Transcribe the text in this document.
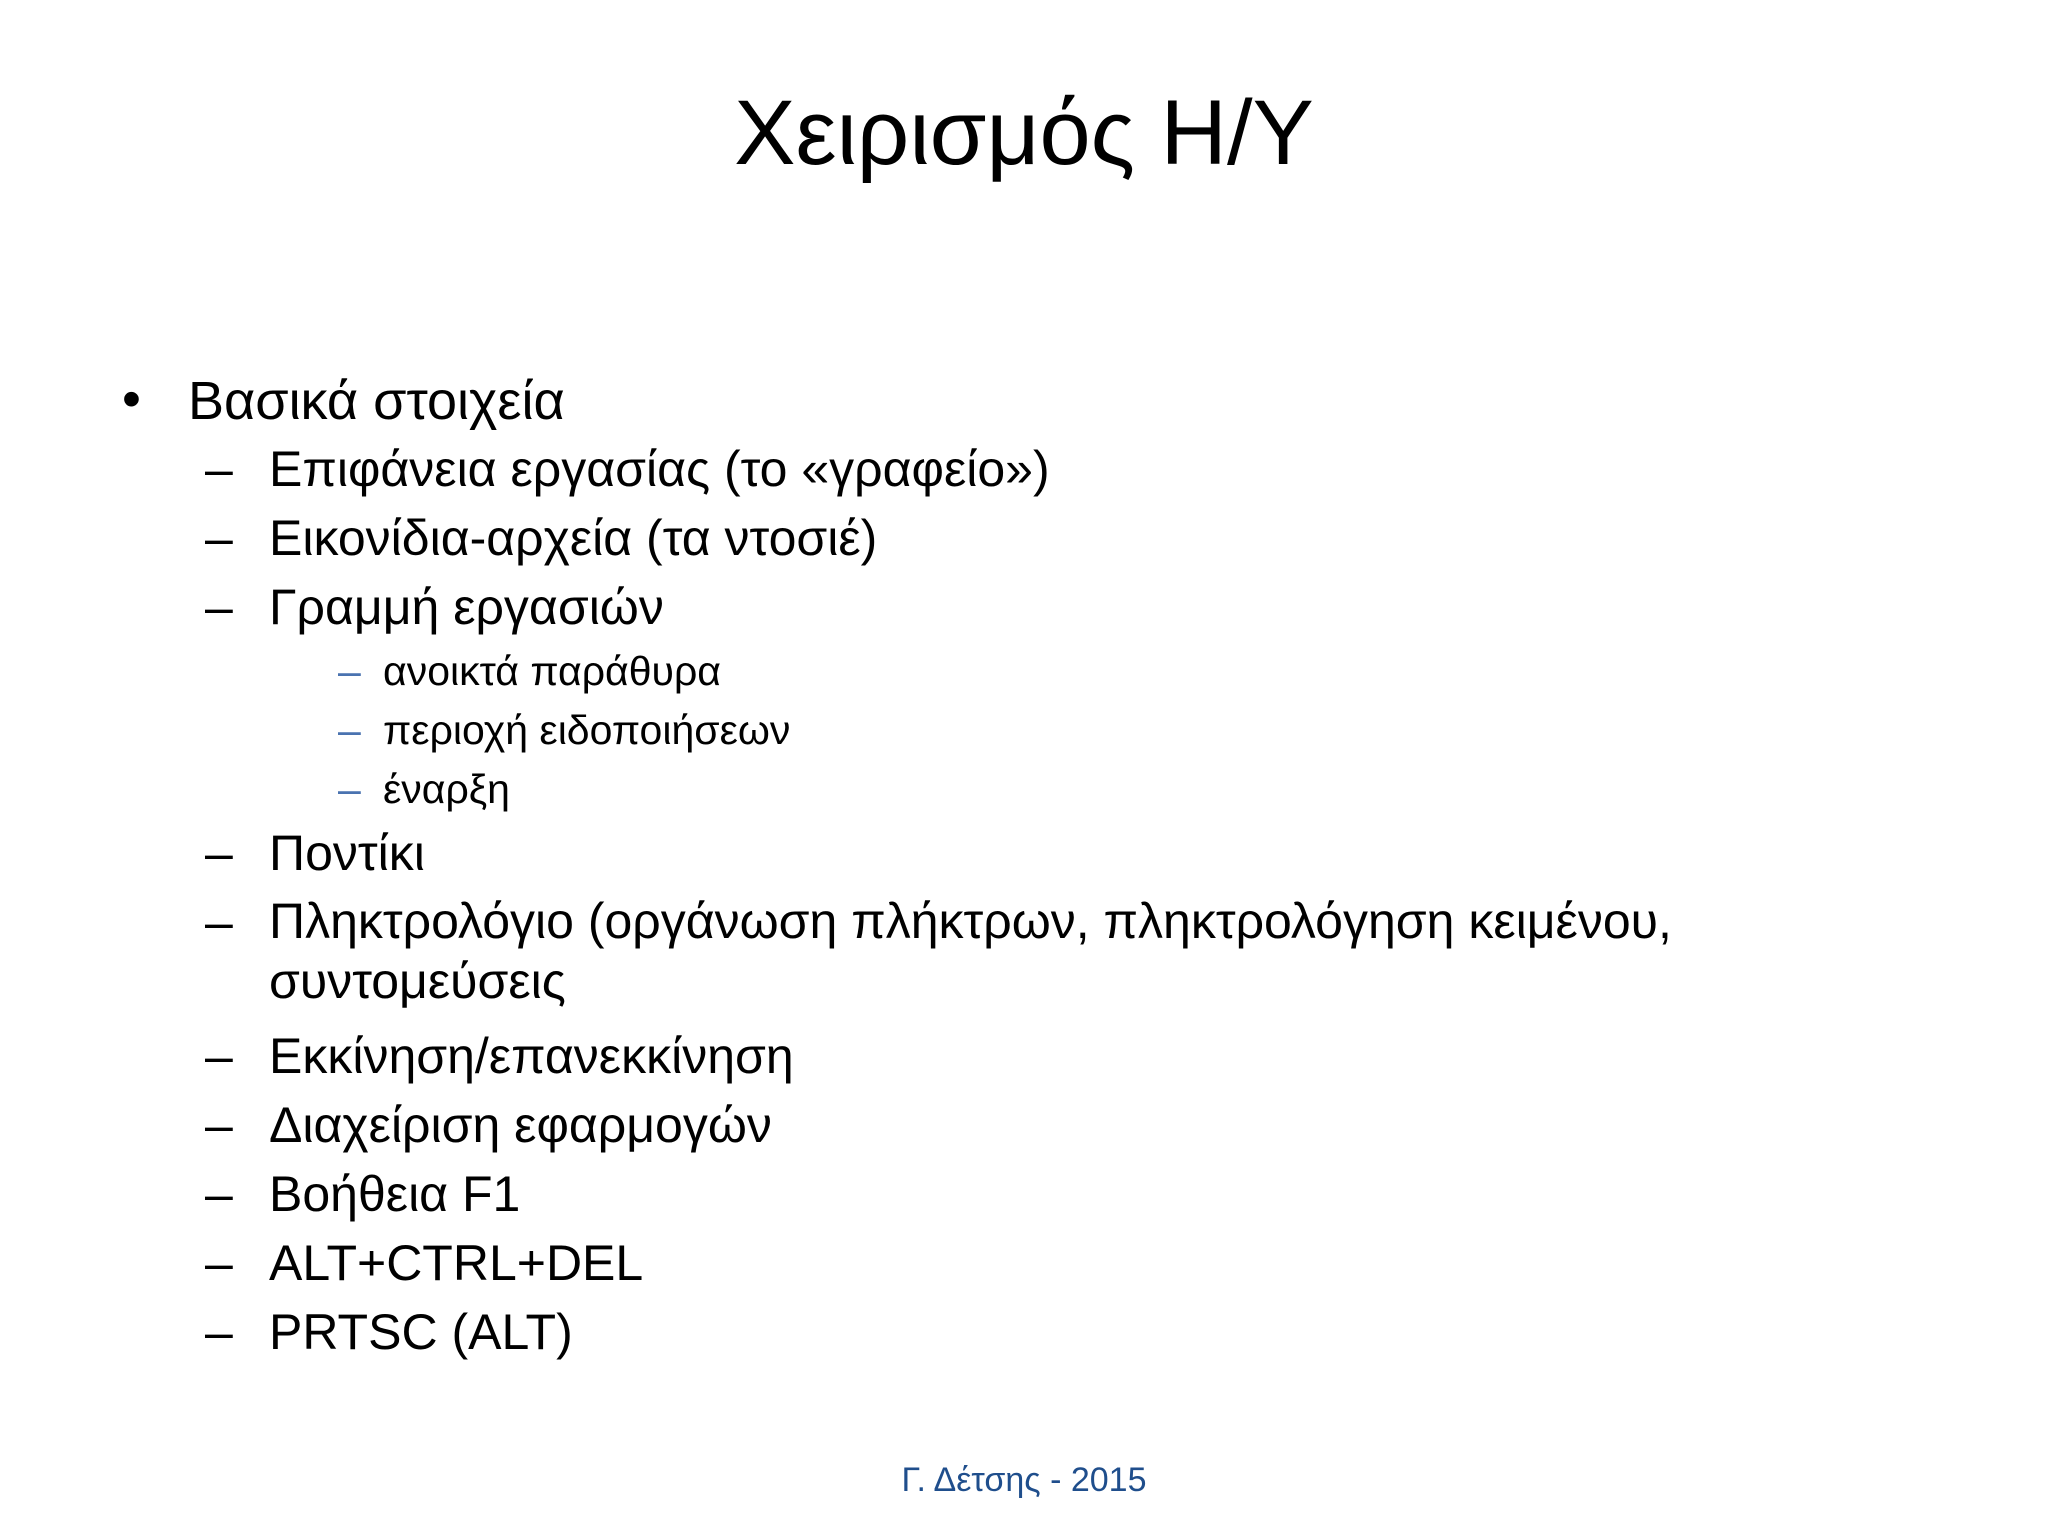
Χειρισμός Η/Υ
• Βασικά στοιχεία
– Επιφάνεια εργασίας (το «γραφείο»)
– Εικονίδια-αρχεία (τα ντοσιέ)
– Γραμμή εργασιών
– ανοικτά παράθυρα
– περιοχή ειδοποιήσεων
– έναρξη
– Ποντίκι
– Πληκτρολόγιο (οργάνωση πλήκτρων, πληκτρολόγηση κειμένου, συντομεύσεις
– Εκκίνηση/επανεκκίνηση
– Διαχείριση εφαρμογών
– Βοήθεια F1
– ALT+CTRL+DEL
– PRTSC (ALT)
Γ. Δέτσης - 2015
